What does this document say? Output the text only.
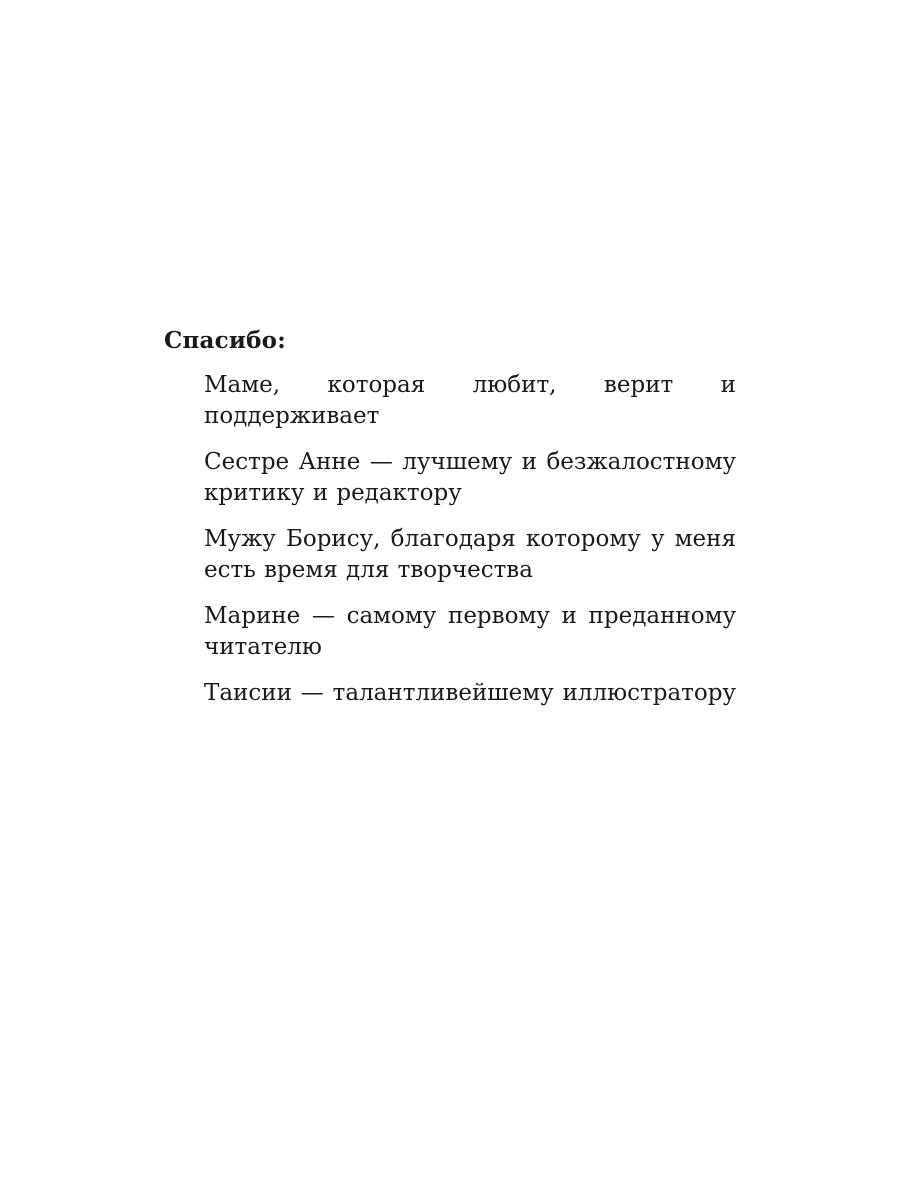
Спасибо:

Маме, которая любит, верит и поддерживает

Сестре Анне — лучшему и безжалостному критику и редактору

Мужу Борису, благодаря которому у меня есть время для творчества

Марине — самому первому и преданному читателю

Таисии — талантливейшему иллюстратору
